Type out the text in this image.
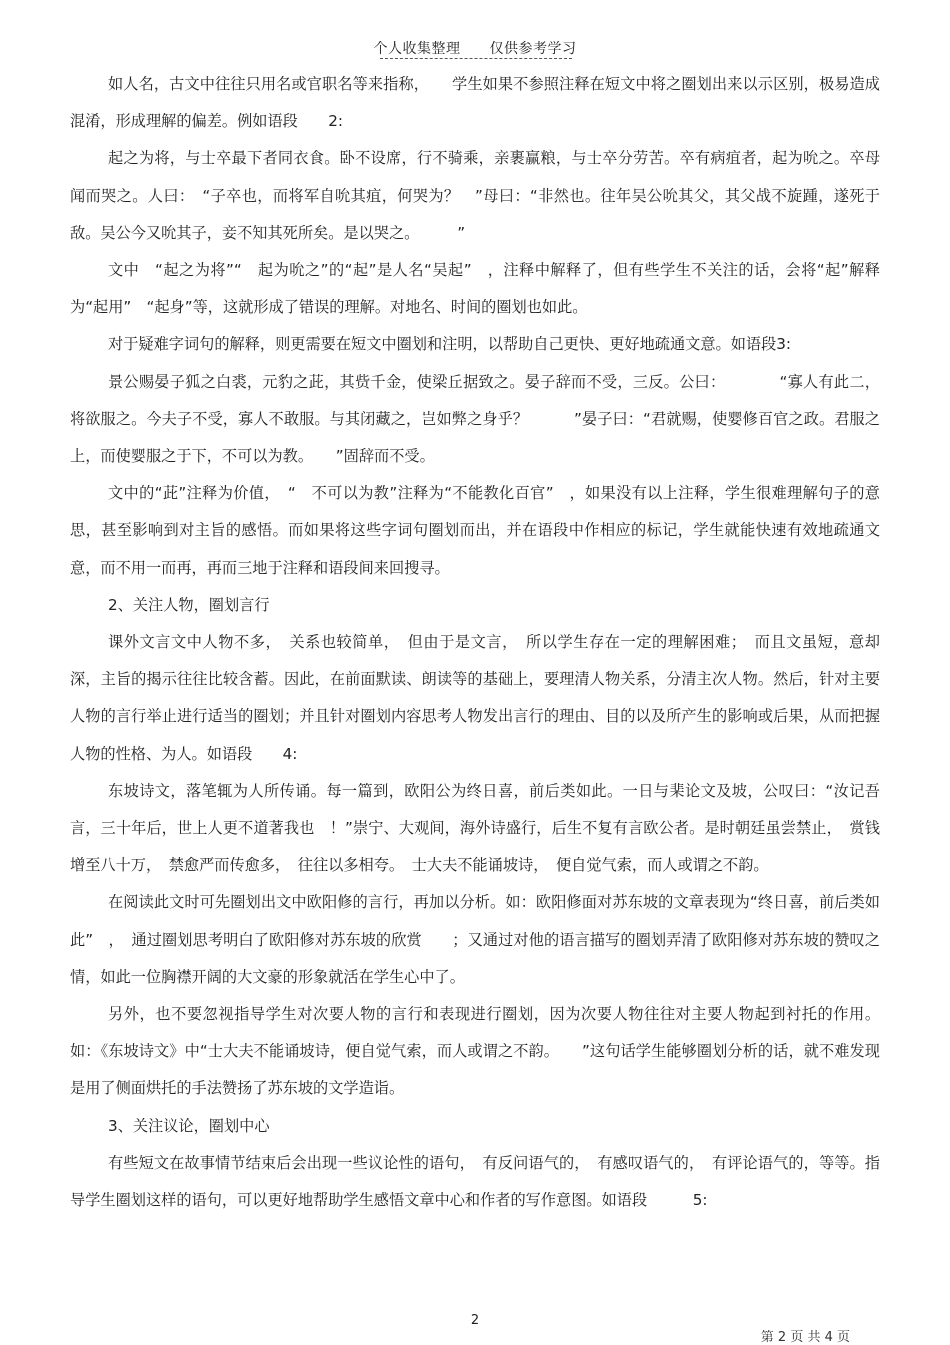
个人收集整理　　仅供参考学习

如人名，古文中往往只用名或官职名等来指称，　　学生如果不参照注释在短文中将之圈划出来以示区别，极易造成混淆，形成理解的偏差。例如语段　　2:

起之为将，与士卒最下者同衣食。卧不设席，行不骑乘，亲裹赢粮，与士卒分劳苦。卒有病疽者，起为吮之。卒母闻而哭之。人曰：　“子卒也，而将军自吮其疽，何哭为？　”母曰：“非然也。往年吴公吮其父，其父战不旋踵，遂死于敌。吴公今又吮其子，妾不知其死所矣。是以哭之。　　　”

文中　“起之为将”“　起为吮之”的“起”是人名“吴起”　，注释中解释了，但有些学生不关注的话，会将“起”解释为“起用”　“起身”等，这就形成了错误的理解。对地名、时间的圈划也如此。

对于疑难字词句的解释，则更需要在短文中圈划和注明，以帮助自己更快、更好地疏通文意。如语段3:

景公赐晏子狐之白裘，元豹之茈，其赀千金，使梁丘据致之。晏子辞而不受，三反。公曰：　　　　“寡人有此二，将欲服之。今夫子不受，寡人不敢服。与其闭藏之，岂如弊之身乎？　　　”晏子曰：“君就赐，使婴修百官之政。君服之上，而使婴服之于下，不可以为教。　　”固辞而不受。

文中的“茈”注释为价值，　“　不可以为教”注释为“不能教化百官”　，如果没有以上注释，学生很难理解句子的意思，甚至影响到对主旨的感悟。而如果将这些字词句圈划而出，并在语段中作相应的标记，学生就能快速有效地疏通文意，而不用一而再，再而三地于注释和语段间来回搜寻。

2、关注人物，圈划言行

课外文言文中人物不多，　关系也较简单，　但由于是文言，　所以学生存在一定的理解困难；　而且文虽短，意却深，主旨的揭示往往比较含蓄。因此，在前面默读、朗读等的基础上，要理清人物关系，分清主次人物。然后，针对主要人物的言行举止进行适当的圈划；并且针对圈划内容思考人物发出言行的理由、目的以及所产生的影响或后果，从而把握人物的性格、为人。如语段　　4:

东坡诗文，落笔辄为人所传诵。每一篇到，欧阳公为终日喜，前后类如此。一日与棐论文及坡，公叹曰：“汝记吾言，三十年后，世上人更不道著我也　！”崇宁、大观间，海外诗盛行，后生不复有言欧公者。是时朝廷虽尝禁止，　赏钱增至八十万，　禁愈严而传愈多，　往往以多相夸。　士大夫不能诵坡诗，　便自觉气索，而人或谓之不韵。

在阅读此文时可先圈划出文中欧阳修的言行，再加以分析。如：欧阳修面对苏东坡的文章表现为“终日喜，前后类如此”　，　通过圈划思考明白了欧阳修对苏东坡的欣赏　　；又通过对他的语言描写的圈划弄清了欧阳修对苏东坡的赞叹之情，如此一位胸襟开阔的大文豪的形象就活在学生心中了。

另外，也不要忽视指导学生对次要人物的言行和表现进行圈划，因为次要人物往往对主要人物起到衬托的作用。如：《东坡诗文》中“士大夫不能诵坡诗，便自觉气索，而人或谓之不韵。　　”这句话学生能够圈划分析的话，就不难发现是用了侧面烘托的手法赞扬了苏东坡的文学造诣。

3、关注议论，圈划中心

有些短文在故事情节结束后会出现一些议论性的语句，　有反问语气的，　有感叹语气的，　有评论语气的，等等。指导学生圈划这样的语句，可以更好地帮助学生感悟文章中心和作者的写作意图。如语段　　　5:

2
第 2 页 共 4 页
